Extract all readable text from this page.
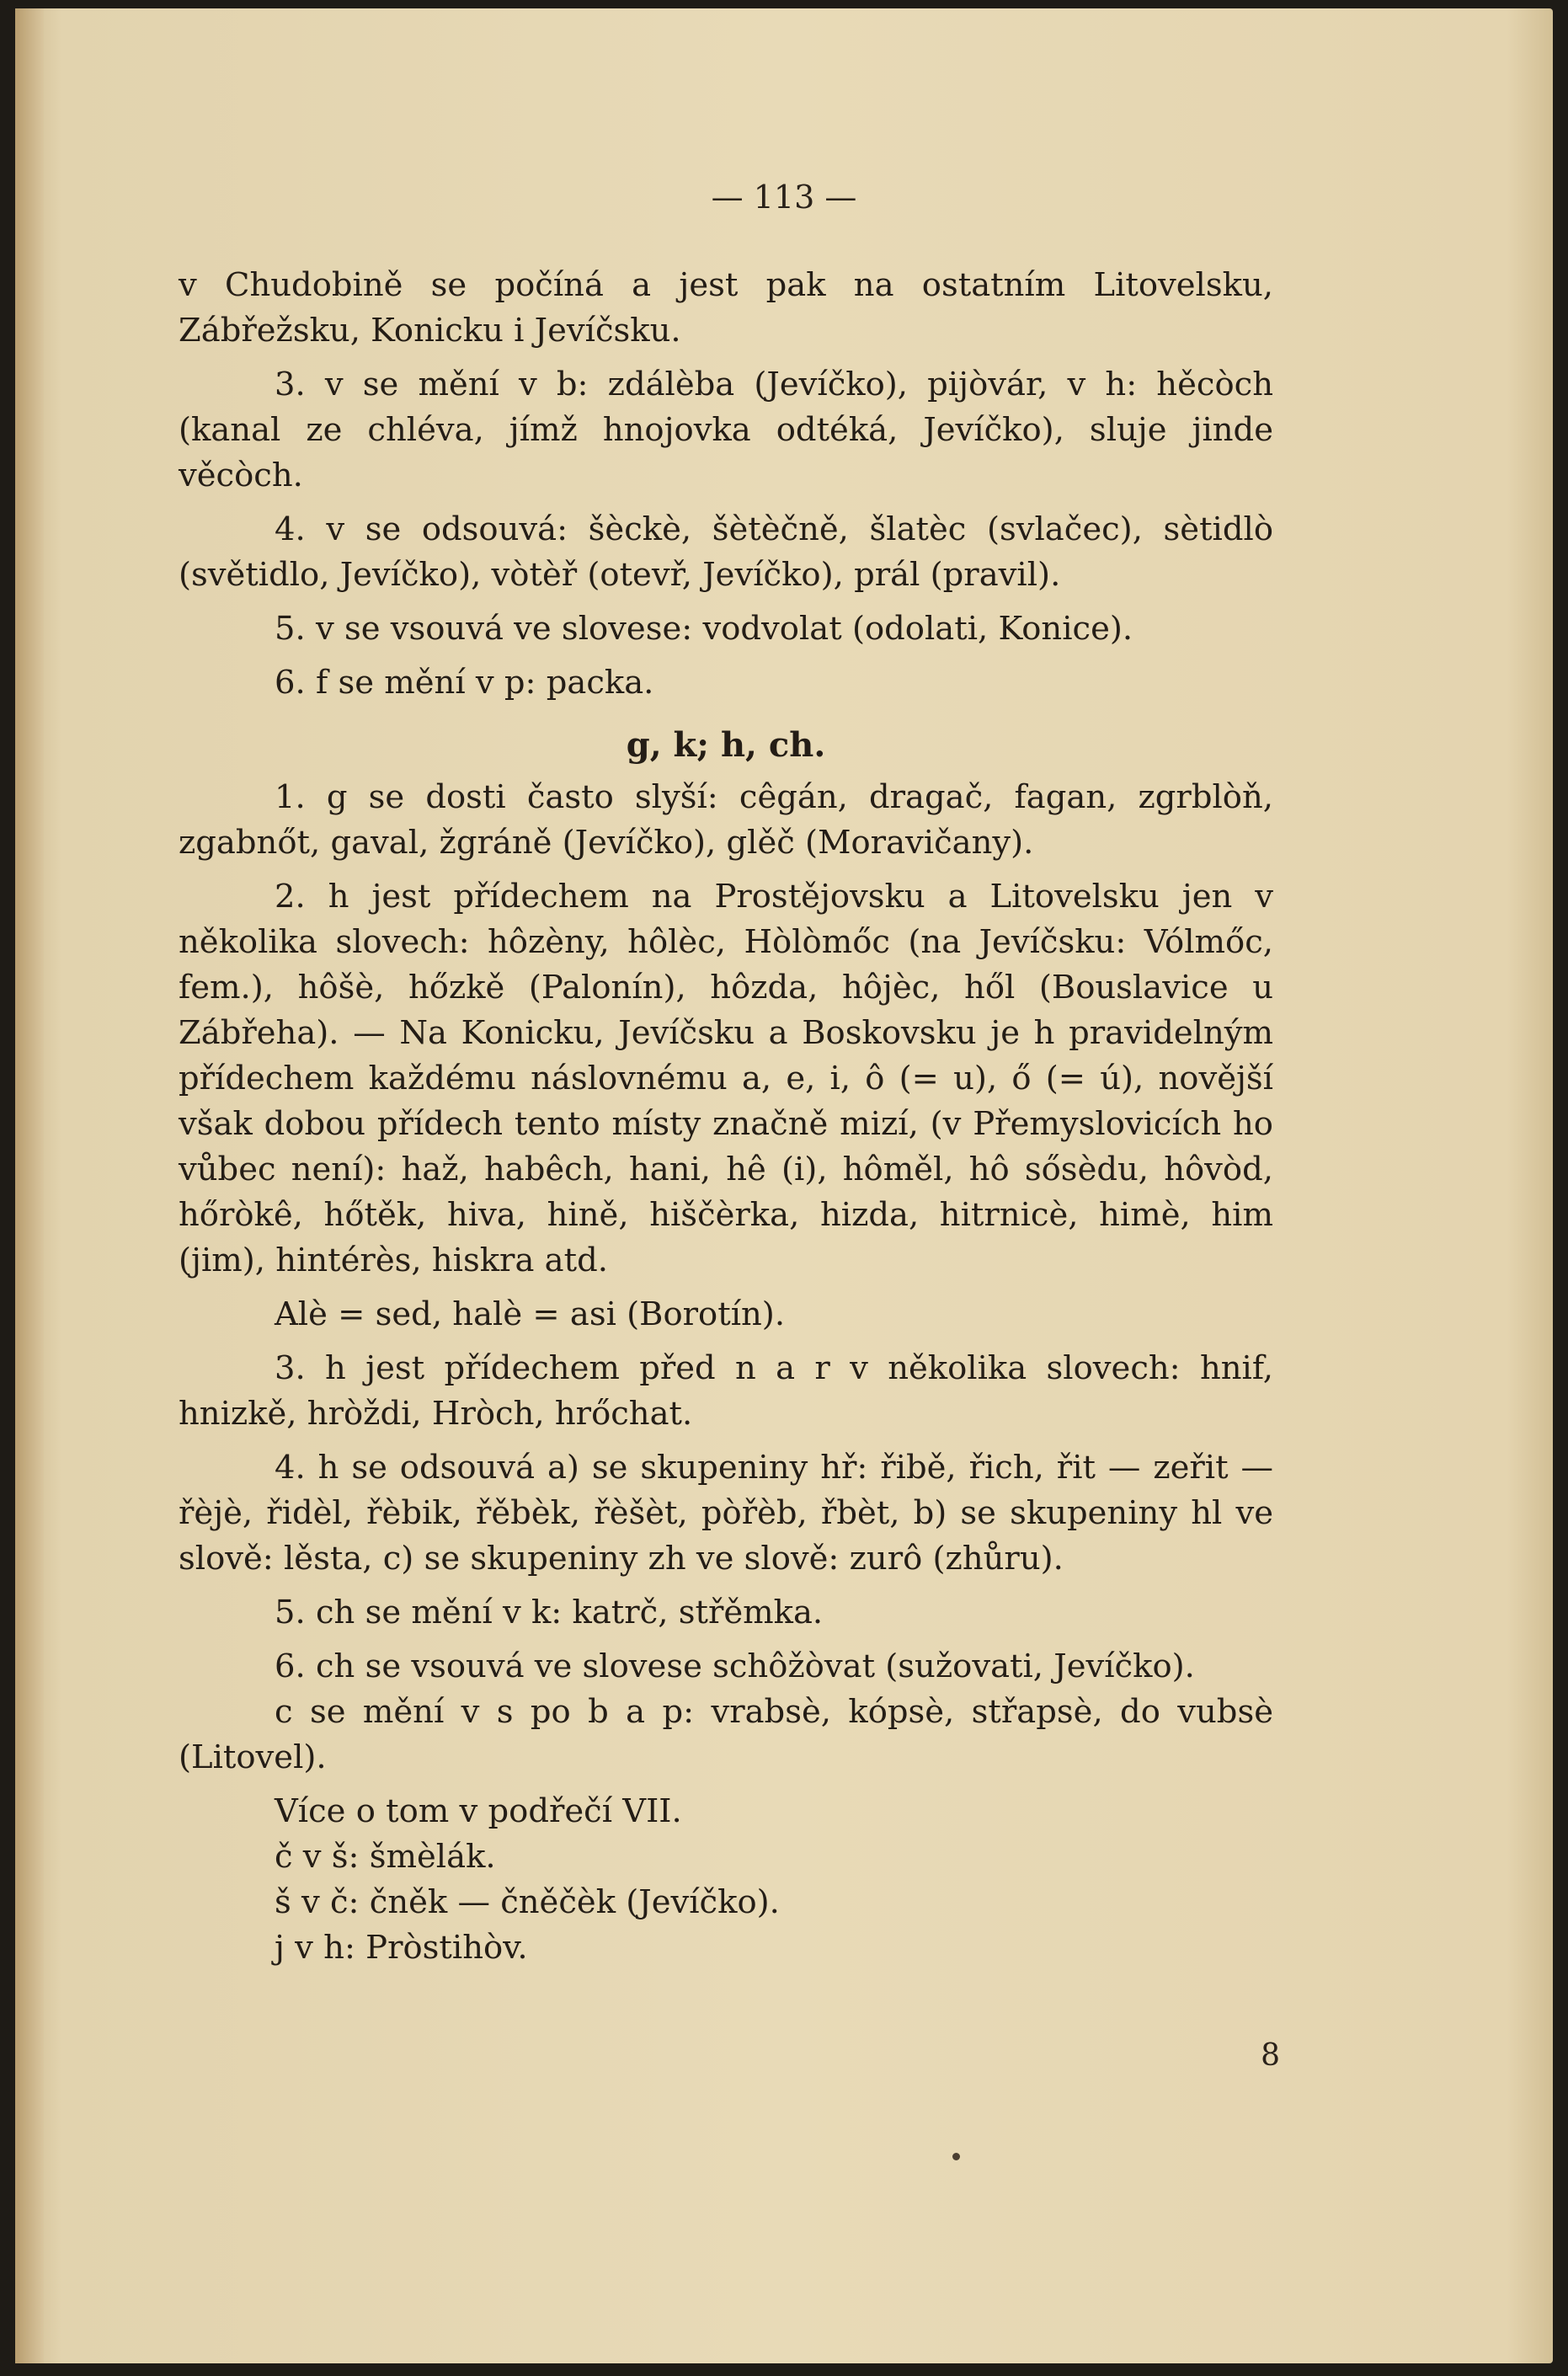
— 113 —

v Chudobině se počíná a jest pak na ostatním Litovelsku, Zábřežsku, Konicku i Jevíčsku.

3. v se mění v b: zdálèba (Jevíčko), pijòvár, v h: hěcòch (kanal ze chléva, jímž hnojovka odtéká, Jevíčko), sluje jinde věcòch.

4. v se odsouvá: šèckè, šètèčně, šlatèc (svlačec), sètidlò (světidlo, Jevíčko), vòtèř (otevř, Jevíčko), prál (pravil).

5. v se vsouvá ve slovese: vodvolat (odolati, Konice).

6. f se mění v p: packa.

g, k; h, ch.

1. g se dosti často slyší: cêgán, dragač, fagan, zgrblòň, zgabnőt, gaval, žgráně (Jevíčko), glěč (Moravičany).

2. h jest přídechem na Prostějovsku a Litovelsku jen v několika slovech: hôzèny, hôlèc, Hòlòmőc (na Jevíčsku: Vólmőc, fem.), hôšè, hőzkě (Palonín), hôzda, hôjèc, hől (Bouslavice u Zábřeha). — Na Konicku, Jevíčsku a Boskovsku je h pravidelným přídechem každému náslovnému a, e, i, ô (= u), ő (= ú), novější však dobou přídech tento místy značně mizí, (v Přemyslovicích ho vůbec není): haž, habêch, hani, hê (i), hôměl, hô sősèdu, hôvòd, hőròkê, hőtěk, hiva, hině, hiščèrka, hizda, hitrnicè, himè, him (jim), hintérès, hiskra atd.

Alè = sed, halè = asi (Borotín).

3. h jest přídechem před n a r v několika slovech: hnif, hnizkě, hròždi, Hròch, hrőchat.

4. h se odsouvá a) se skupeniny hř: řibě, řich, řit — zeřit — řèjè, řidèl, řèbik, řěbèk, řèšèt, pòřèb, řbèt, b) se skupeniny hl ve slově: lěsta, c) se skupeniny zh ve slově: zurô (zhůru).

5. ch se mění v k: katrč, střěmka.

6. ch se vsouvá ve slovese schôžòvat (sužovati, Jevíčko).

c se mění v s po b a p: vrabsè, kópsè, střapsè, do vubsè (Litovel).

Více o tom v podřečí VII.

č v š: šmèlák.

š v č: čněk — čněčèk (Jevíčko).

j v h: Pròstihòv.

8
